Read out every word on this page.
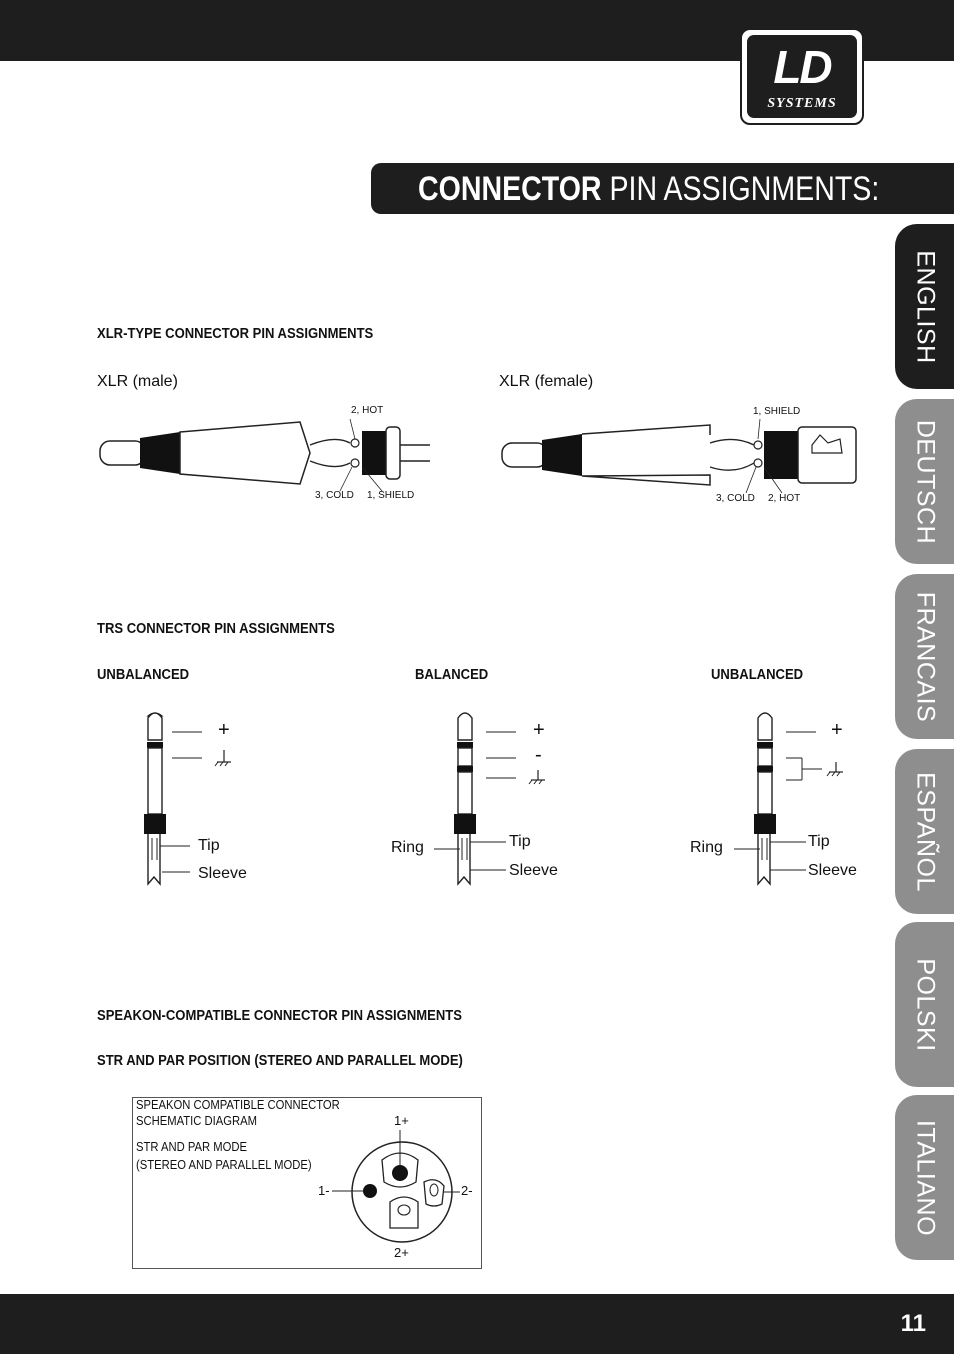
11
LD
SYSTEMS
CONNECTOR PIN ASSIGNMENTS:
ENGLISH
DEUTSCH
FRANCAIS
ESPAÑOL
POLSKI
ITALIANO
XLR-TYPE CONNECTOR PIN ASSIGNMENTS
XLR (male)	XLR (female)
2, HOT
3, COLD 1, SHIELD
1, SHIELD
3, COLD 2, HOT
TRS CONNECTOR PIN ASSIGNMENTS
UNBALANCED	BALANCED	UNBALANCED
+
Tip
Sleeve
+
-
Ring	Tip
Sleeve
+
Ring	Tip
Sleeve
SPEAKON-COMPATIBLE CONNECTOR PIN ASSIGNMENTS
STR AND PAR POSITION (STEREO AND PARALLEL MODE)
SPEAKON COMPATIBLE CONNECTOR
SCHEMATIC DIAGRAM
STR AND PAR MODE
(STEREO AND PARALLEL MODE)
1+
1-	2-
2+
